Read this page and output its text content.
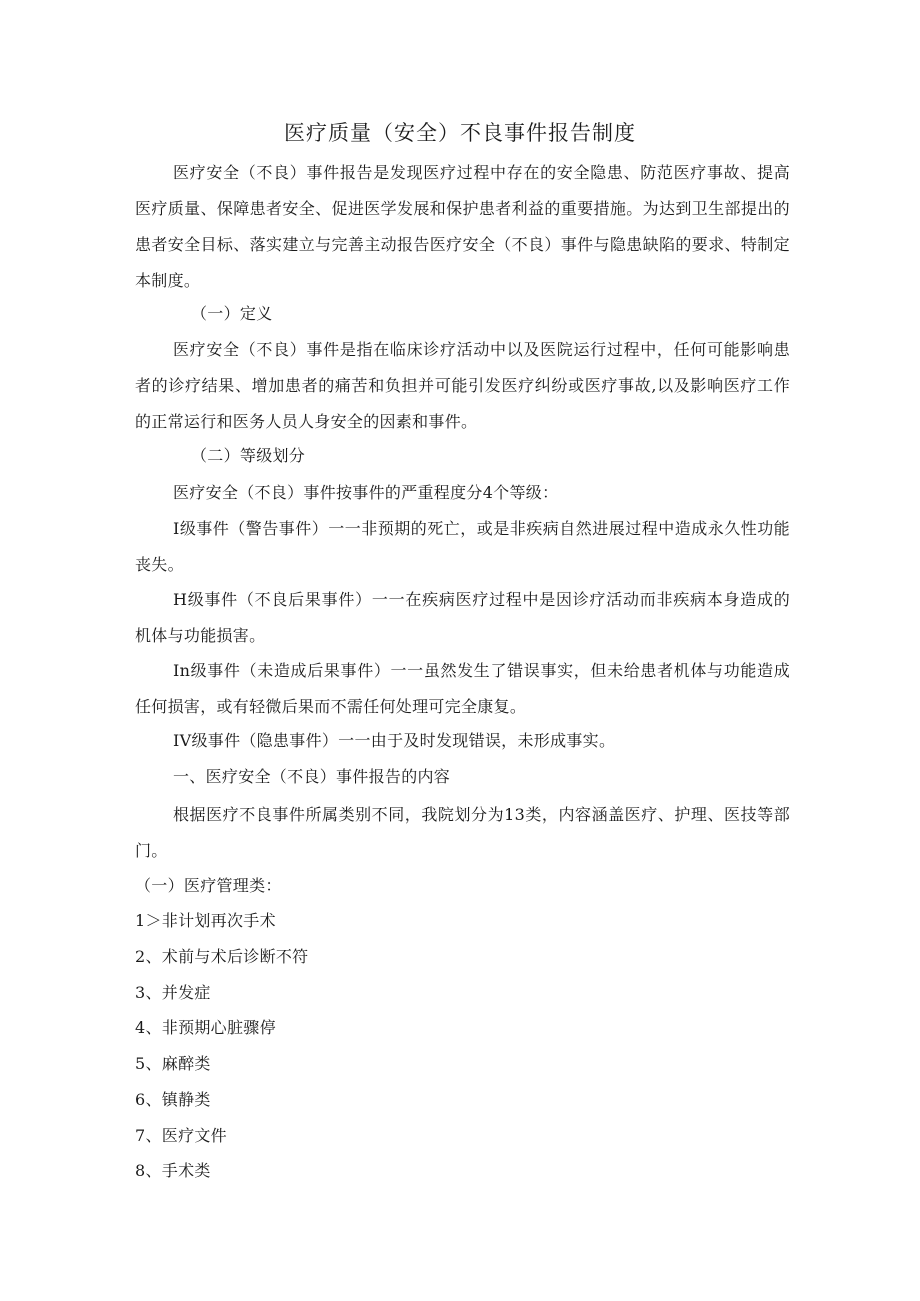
医疗质量（安全）不良事件报告制度

医疗安全（不良）事件报告是发现医疗过程中存在的安全隐患、防范医疗事故、提高医疗质量、保障患者安全、促进医学发展和保护患者利益的重要措施。为达到卫生部提出的患者安全目标、落实建立与完善主动报告医疗安全（不良）事件与隐患缺陷的要求、特制定本制度。

（一）定义

医疗安全（不良）事件是指在临床诊疗活动中以及医院运行过程中，任何可能影响患者的诊疗结果、增加患者的痛苦和负担并可能引发医疗纠纷或医疗事故,以及影响医疗工作的正常运行和医务人员人身安全的因素和事件。

（二）等级划分

医疗安全（不良）事件按事件的严重程度分4个等级：

I级事件（警告事件）一一非预期的死亡，或是非疾病自然进展过程中造成永久性功能丧失。

H级事件（不良后果事件）一一在疾病医疗过程中是因诊疗活动而非疾病本身造成的机体与功能损害。

In级事件（未造成后果事件）一一虽然发生了错误事实，但未给患者机体与功能造成任何损害，或有轻微后果而不需任何处理可完全康复。

IV级事件（隐患事件）一一由于及时发现错误，未形成事实。

一、医疗安全（不良）事件报告的内容

根据医疗不良事件所属类别不同，我院划分为13类，内容涵盖医疗、护理、医技等部门。

（一）医疗管理类：

1＞非计划再次手术

2、术前与术后诊断不符

3、并发症

4、非预期心脏骤停

5、麻醉类

6、镇静类

7、医疗文件

8、手术类
